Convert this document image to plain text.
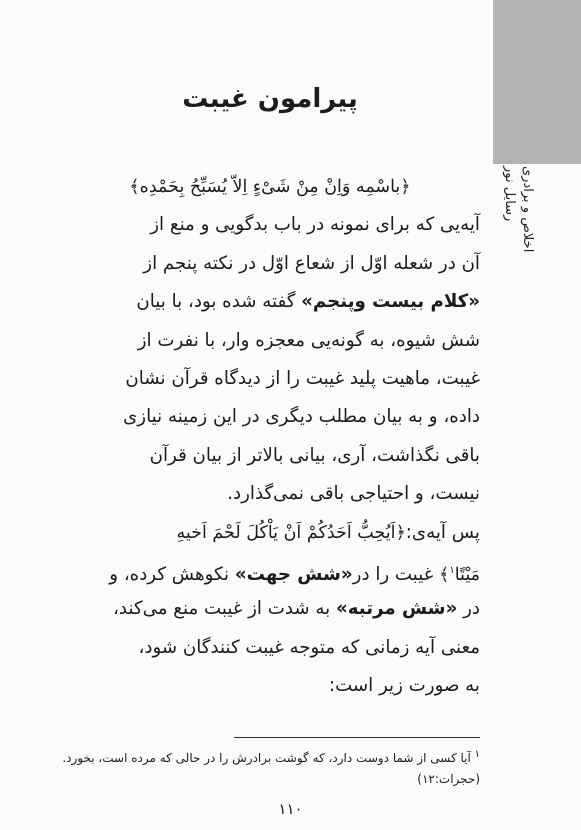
اخلاص و برادری
رسایل نور
پیرامون غیبت
﴿باسْمِه وَاِنْ مِنْ شَیْءٍ اِلاّ یُسَبِّحُ بِحَمْدِه﴾
آیه‌یی که برای نمونه در باب بدگویی و منع از
آن در شعله اوّل از شعاع اوّل در نکته پنجم از
«کلام بیست وپنجم» گفته شده بود، با بیان
شش شیوه، به گونه‌یی معجزه وار، با نفرت از
غیبت، ماهیت پلید غیبت را از دیدگاه قرآن نشان
داده، و به بیان مطلب دیگری در این زمینه نیازی
باقی نگذاشت، آری، بیانی بالاتر از بیان قرآن
نیست، و احتیاجی باقی نمی‌گذارد.
پس آیه‌ی:﴿اَیُحِبُّ اَحَدُکُمْ اَنْ یَاْکُلَ لَحْمَ اَخیهِ
مَیْتًا$^١$﴾ غیبت را در«شش جهت» نکوهش کرده، و
در «شش مرتبه» به شدت از غیبت منع می‌کند،
معنی آیه زمانی که متوجه غیبت کنندگان شود،
به صورت زیر است:
$^١$ آیا کسی از شما دوست دارد، که گوشت برادرش را در حالی که مرده است، بخورد.(حجرات:١٢)
١١٠
